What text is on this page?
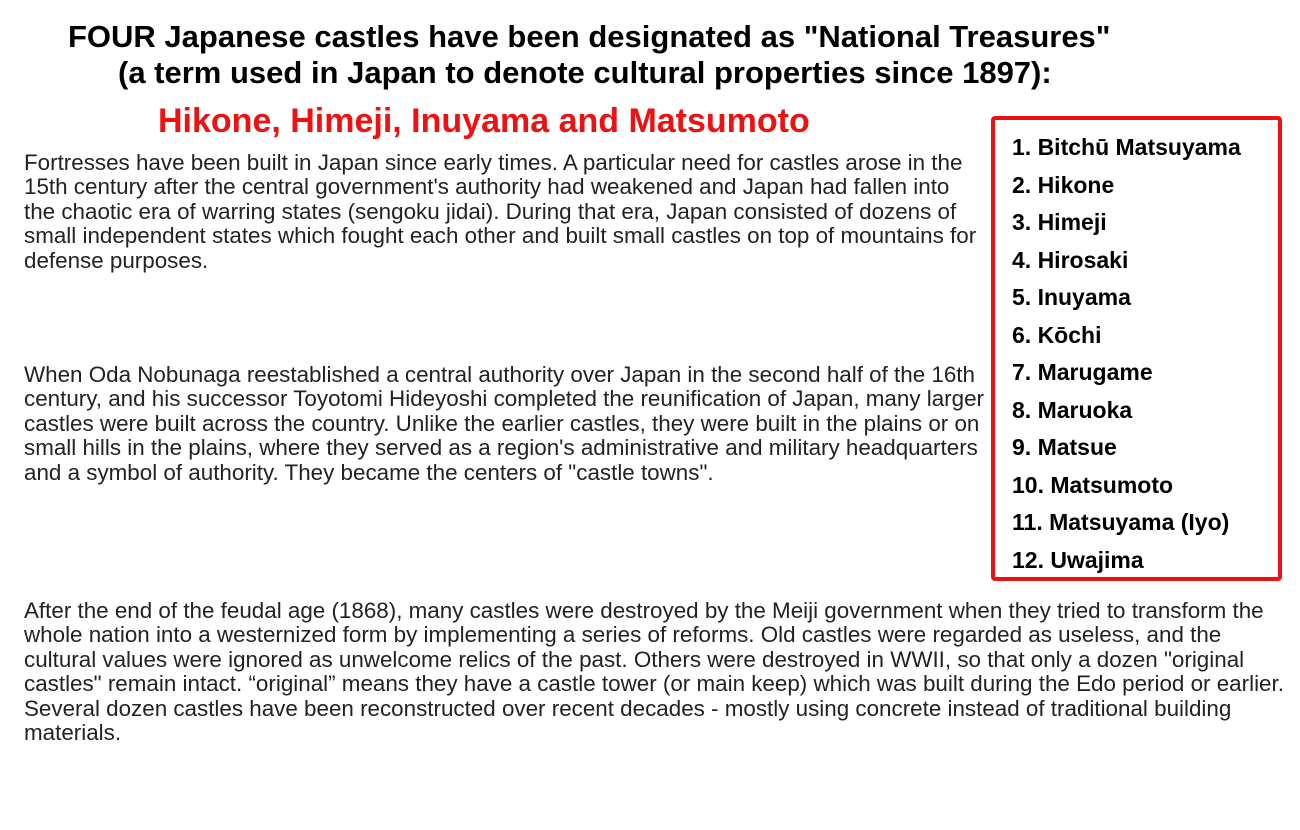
FOUR Japanese castles have been designated as "National Treasures"
(a term used in Japan to denote cultural properties since 1897):
Hikone, Himeji, Inuyama and Matsumoto

Fortresses have been built in Japan since early times. A particular need for castles arose in the 15th century after the central government's authority had weakened and Japan had fallen into the chaotic era of warring states (sengoku jidai). During that era, Japan consisted of dozens of small independent states which fought each other and built small castles on top of mountains for defense purposes.

When Oda Nobunaga reestablished a central authority over Japan in the second half of the 16th century, and his successor Toyotomi Hideyoshi completed the reunification of Japan, many larger castles were built across the country. Unlike the earlier castles, they were built in the plains or on small hills in the plains, where they served as a region's administrative and military headquarters and a symbol of authority. They became the centers of "castle towns".

After the end of the feudal age (1868), many castles were destroyed by the Meiji government when they tried to transform the whole nation into a westernized form by implementing a series of reforms. Old castles were regarded as useless, and the cultural values were ignored as unwelcome relics of the past. Others were destroyed in WWII, so that only a dozen "original castles" remain intact. “original” means they have a castle tower (or main keep) which was built during the Edo period or earlier. Several dozen castles have been reconstructed over recent decades - mostly using concrete instead of traditional building materials.

1. Bitchū Matsuyama
2. Hikone
3. Himeji
4. Hirosaki
5. Inuyama
6. Kōchi
7. Marugame
8. Maruoka
9. Matsue
10. Matsumoto
11. Matsuyama (Iyo)
12. Uwajima
